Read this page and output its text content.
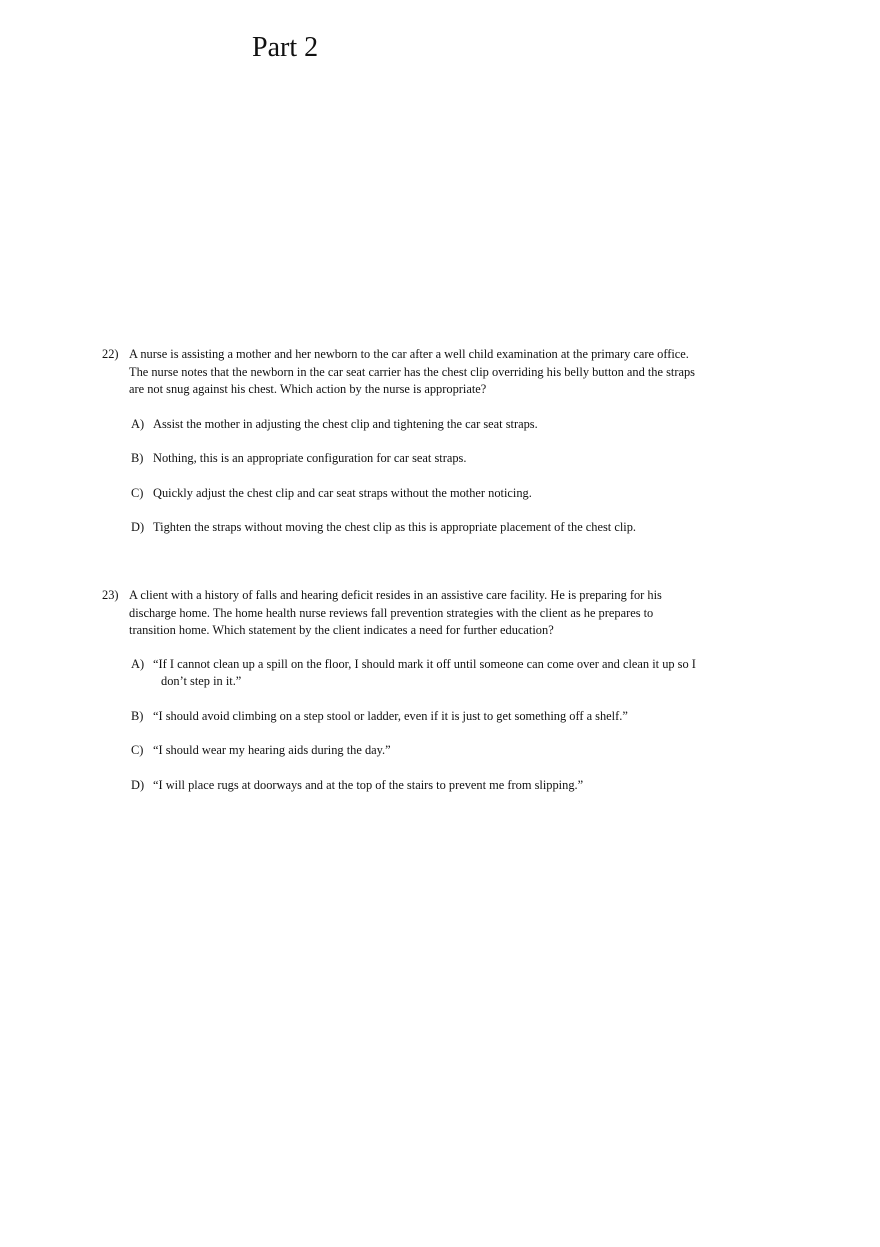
Part 2
22) A nurse is assisting a mother and her newborn to the car after a well child examination at the primary care office.
The nurse notes that the newborn in the car seat carrier has the chest clip overriding his belly button and the straps
are not snug against his chest. Which action by the nurse is appropriate?
A) Assist the mother in adjusting the chest clip and tightening the car seat straps.
B) Nothing, this is an appropriate configuration for car seat straps.
C) Quickly adjust the chest clip and car seat straps without the mother noticing.
D) Tighten the straps without moving the chest clip as this is appropriate placement of the chest clip.
23) A client with a history of falls and hearing deficit resides in an assistive care facility. He is preparing for his
discharge home. The home health nurse reviews fall prevention strategies with the client as he prepares to
transition home. Which statement by the client indicates a need for further education?
A) “If I cannot clean up a spill on the floor, I should mark it off until someone can come over and clean it up so I
don’t step in it.”
B) “I should avoid climbing on a step stool or ladder, even if it is just to get something off a shelf.”
C) “I should wear my hearing aids during the day.”
D) “I will place rugs at doorways and at the top of the stairs to prevent me from slipping.”
